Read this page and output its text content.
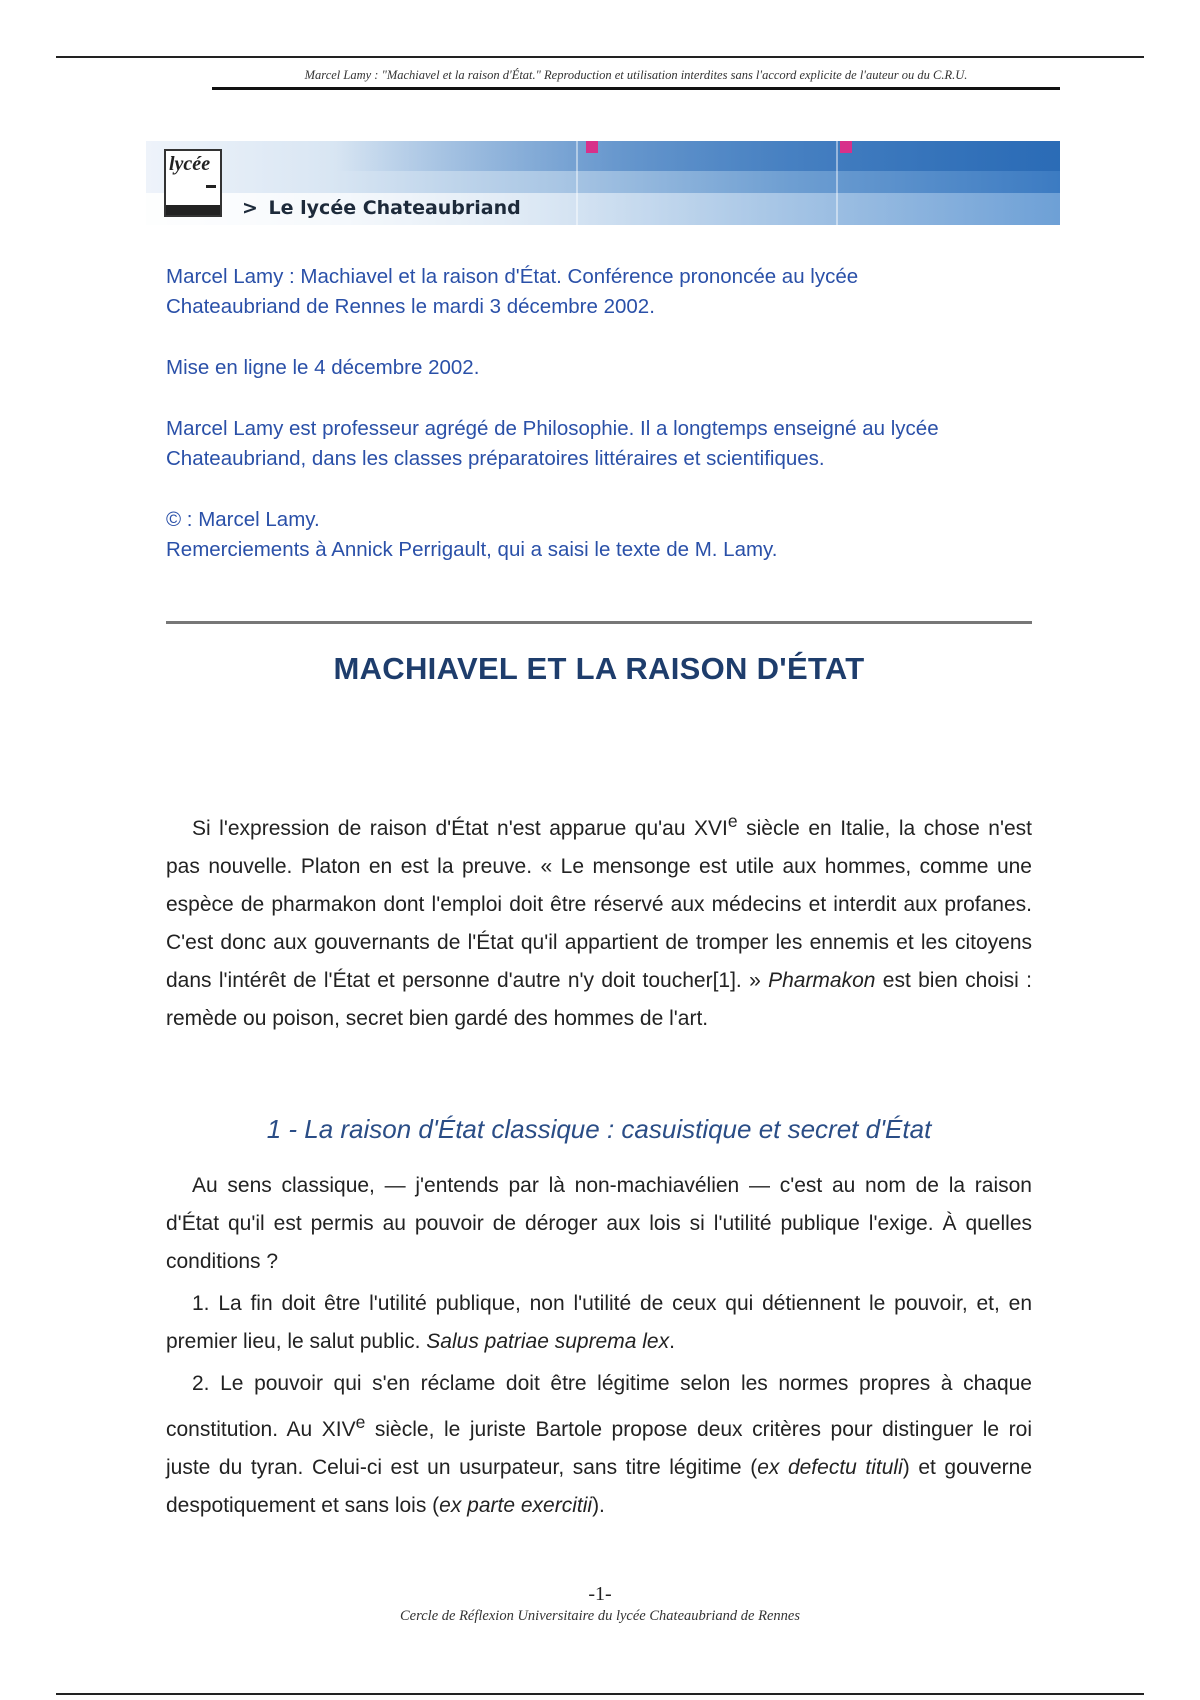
Marcel Lamy : "Machiavel et la raison d'État." Reproduction et utilisation interdites sans l'accord explicite de l'auteur ou du C.R.U.
lycée
> Le lycée Chateaubriand

Marcel Lamy : Machiavel et la raison d'État. Conférence prononcée au lycée

Chateaubriand de Rennes le mardi 3 décembre 2002.

Mise en ligne le 4 décembre 2002.

Marcel Lamy est professeur agrégé de Philosophie. Il a longtemps enseigné au lycée

Chateaubriand, dans les classes préparatoires littéraires et scientifiques.

© : Marcel Lamy.

Remerciements à Annick Perrigault, qui a saisi le texte de M. Lamy.

MACHIAVEL ET LA RAISON D'ÉTAT

Si l'expression de raison d'État n'est apparue qu'au XVIe siècle en Italie, la chose n'est pas nouvelle. Platon en est la preuve. « Le mensonge est utile aux hommes, comme une espèce de pharmakon dont l'emploi doit être réservé aux médecins et interdit aux profanes. C'est donc aux gouvernants de l'État qu'il appartient de tromper les ennemis et les citoyens dans l'intérêt de l'État et personne d'autre n'y doit toucher[1]. » Pharmakon est bien choisi : remède ou poison, secret bien gardé des hommes de l'art.

1 - La raison d'État classique : casuistique et secret d'État

Au sens classique, — j'entends par là non-machiavélien — c'est au nom de la raison d'État qu'il est permis au pouvoir de déroger aux lois si l'utilité publique l'exige. À quelles conditions ?

1. La fin doit être l'utilité publique, non l'utilité de ceux qui détiennent le pouvoir, et, en premier lieu, le salut public. Salus patriae suprema lex.

2. Le pouvoir qui s'en réclame doit être légitime selon les normes propres à chaque constitution. Au XIVe siècle, le juriste Bartole propose deux critères pour distinguer le roi juste du tyran. Celui-ci est un usurpateur, sans titre légitime (ex defectu tituli) et gouverne despotiquement et sans lois (ex parte exercitii).

-1-
Cercle de Réflexion Universitaire du lycée Chateaubriand de Rennes
